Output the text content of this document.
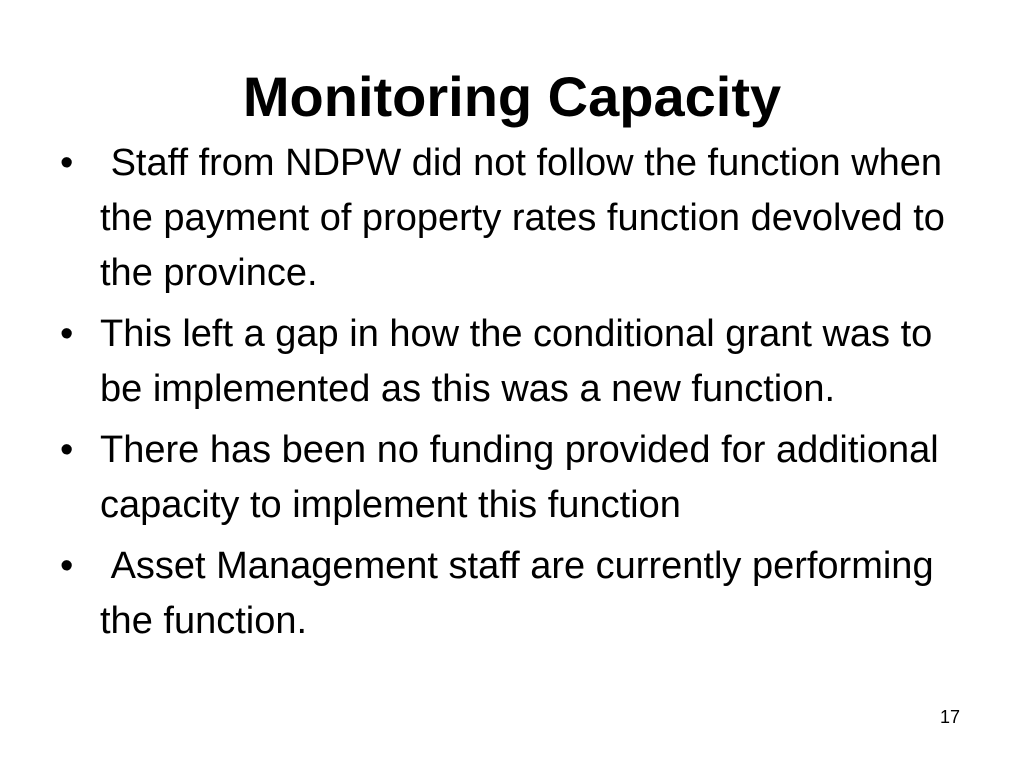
Monitoring Capacity
• Staff from NDPW did not follow the function when the payment of property rates function devolved to the province.
• This left a gap in how the conditional grant was to be implemented as this was a new function.
• There has been no funding provided for additional capacity to implement this function
• Asset Management staff are currently performing the function.
17
